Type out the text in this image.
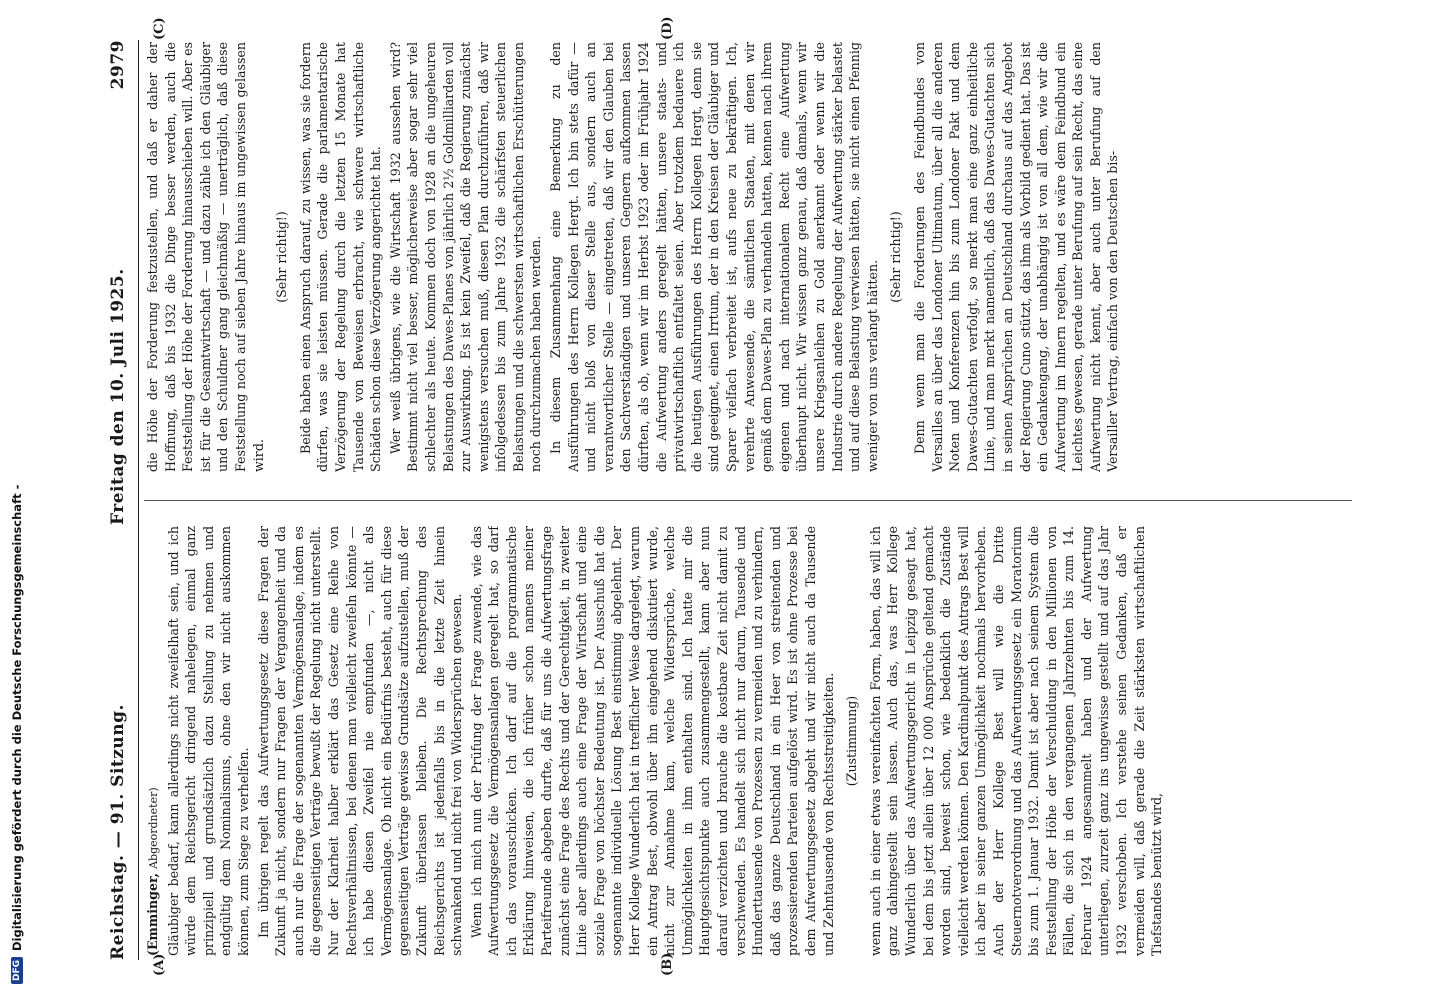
DFG
Digitalisierung gefördert durch die Deutsche Forschungsgemeinschaft -	Reichstag. — 91. Sitzung.
Freitag den 10. Juli 1925.
2979
(A)	(B)
(C)	(D)

(Emminger, Abgeordneter) Gläubiger bedarf, kann allerdings nicht zweifelhaft sein, und ich würde dem Reichsgericht dringend nahelegen, einmal ganz prinzipiell und grundsätzlich dazu Stellung zu nehmen und endgültig dem Nominalismus, ohne den wir nicht auskommen können, zum Siege zu verhelfen. Im übrigen regelt das Aufwertungsgesetz diese Fragen der Zukunft ja nicht, sondern nur Fragen der Vergangenheit und da auch nur die Frage der sogenannten Vermögensanlage, indem es die gegenseitigen Verträge bewußt der Regelung nicht unterstellt. Nur der Klarheit halber erklärt das Gesetz eine Reihe von Rechtsverhältnissen, bei denen man vielleicht zweifeln könnte — ich habe diesen Zweifel nie empfunden —, nicht als Vermögensanlage. Ob nicht ein Bedürfnis besteht, auch für diese gegenseitigen Verträge gewisse Grundsätze aufzustellen, muß der Zukunft überlassen bleiben. Die Rechtsprechung des Reichsgerichts ist jedenfalls bis in die letzte Zeit hinein schwankend und nicht frei von Widersprüchen gewesen. Wenn ich mich nun der Prüfung der Frage zuwende, wie das Aufwertungsgesetz die Vermögensanlagen geregelt hat, so darf ich das vorausschicken. Ich darf auf die programmatische Erklärung hinweisen, die ich früher schon namens meiner Parteifreunde abgeben durfte, daß für uns die Aufwertungsfrage zunächst eine Frage des Rechts und der Gerechtigkeit, in zweiter Linie aber allerdings auch eine Frage der Wirtschaft und eine soziale Frage von höchster Bedeutung ist. Der Ausschuß hat die sogenannte individuelle Lösung Best einstimmig abgelehnt. Der Herr Kollege Wunderlich hat in trefflicher Weise dargelegt, warum ein Antrag Best, obwohl über ihn eingehend diskutiert wurde, nicht zur Annahme kam, welche Widersprüche, welche Unmöglichkeiten in ihm enthalten sind. Ich hatte mir die Hauptgesichtspunkte auch zusammengestellt, kann aber nun darauf verzichten und brauche die kostbare Zeit nicht damit zu verschwenden. Es handelt sich nicht nur darum, Tausende und Hunderttausende von Prozessen zu vermeiden und zu verhindern, daß das ganze Deutschland in ein Heer von streitenden und prozessierenden Parteien aufgelöst wird. Es ist ohne Prozesse bei dem Aufwertungsgesetz abgeht und wir nicht auch da Tausende und Zehntausende von Rechtsstreitigkeiten. (Zustimmung) wenn auch in einer etwas vereinfachten Form, haben, das will ich ganz dahingestellt sein lassen. Auch das, was Herr Kollege Wunderlich über das Aufwertungsgericht in Leipzig gesagt hat, bei dem bis jetzt allein über 12 000 Ansprüche geltend gemacht worden sind, beweist schon, wie bedenklich die Zustände vielleicht werden können. Den Kardinalpunkt des Antrags Best will ich aber in seiner ganzen Unmöglichkeit nochmals hervorheben. Auch der Herr Kollege Best will wie die Dritte Steuernotverordnung und das Aufwertungsgesetz ein Moratorium bis zum 1. Januar 1932. Damit ist aber nach seinem System die Feststellung der Höhe der Verschuldung in den Millionen von Fällen, die sich in den vergangenen Jahrzehnten bis zum 14. Februar 1924 angesammelt haben und der Aufwertung unterliegen, zurzeit ganz ins ungewisse gestellt und auf das Jahr 1932 verschoben. Ich verstehe seinen Gedanken, daß er vermeiden will, daß gerade die Zeit stärksten wirtschaftlichen Tiefstandes benützt wird,

die Höhe der Forderung festzustellen, und daß er daher der Hoffnung, daß bis 1932 die Dinge besser werden, auch die Feststellung der Höhe der Forderung hinausschieben will. Aber es ist für die Gesamtwirtschaft — und dazu zähle ich den Gläubiger und den Schuldner gang gleichmäßig — unerträglich, daß diese Feststellung noch auf sieben Jahre hinaus im ungewissen gelassen wird.

(Sehr richtig!) Beide haben einen Anspruch darauf, zu wissen, was sie fordern dürfen, was sie leisten müssen. Gerade die parlamentarische Verzögerung der Regelung durch die letzten 15 Monate hat Tausende von Beweisen erbracht, wie schwere wirtschaftliche Schäden schon diese Verzögerung angerichtet hat. Wer weiß übrigens, wie die Wirtschaft 1932 aussehen wird? Bestimmt nicht viel besser, möglicherweise aber sogar sehr viel schlechter als heute. Kommen doch von 1928 an die ungeheuren Belastungen des Dawes-Planes von jährlich 2½ Goldmilliarden voll zur Auswirkung. Es ist kein Zweifel, daß die Regierung zunächst wenigstens versuchen muß, diesen Plan durchzuführen, daß wir infolgedessen bis zum Jahre 1932 die schärfsten steuerlichen Belastungen und die schwersten wirtschaftlichen Erschütterungen noch durchzumachen haben werden. In diesem Zusammenhang eine Bemerkung zu den Ausführungen des Herrn Kollegen Hergt. Ich bin stets dafür — und nicht bloß von dieser Stelle aus, sondern auch an verantwortlicher Stelle — eingetreten, daß wir den Glauben bei den Sachverständigen und unseren Gegnern aufkommen lassen dürften, als ob, wenn wir im Herbst 1923 oder im Frühjahr 1924 die Aufwertung anders geregelt hätten, unsere staats- und privatwirtschaftlich entfaltet seien. Aber trotzdem bedauere ich die heutigen Ausführungen des Herrn Kollegen Hergt, denn sie sind geeignet, einen Irrtum, der in den Kreisen der Gläubiger und Sparer vielfach verbreitet ist, aufs neue zu bekräftigen. Ich, verehrte Anwesende, die sämtlichen Staaten, mit denen wir gemäß dem Dawes-Plan zu verhandeln hatten, kennen nach ihrem eigenen und nach internationalem Recht eine Aufwertung überhaupt nicht. Wir wissen ganz genau, daß damals, wenn wir unsere Kriegsanleihen zu Gold anerkannt oder wenn wir die Industrie durch andere Regelung der Aufwertung stärker belastet und auf diese Belastung verwiesen hätten, sie nicht einen Pfennig weniger von uns verlangt hätten.

(Sehr richtig!) Denn wenn man die Forderungen des Feindbundes von Versailles an über das Londoner Ultimatum, über all die anderen Noten und Konferenzen hin bis zum Londoner Pakt und dem Dawes-Gutachten verfolgt, so merkt man eine ganz einheitliche Linie, und man merkt namentlich, daß das Dawes-Gutachten sich in seinen Ansprüchen an Deutschland durchaus auf das Angebot der Regierung Cuno stützt, das ihm als Vorbild gedient hat. Das ist ein Gedankengang, der unabhängig ist von all dem, wie wir die Aufwertung im Innern regelten, und es wäre dem Feindbund ein Leichtes gewesen, gerade unter Berufung auf sein Recht, das eine Aufwertung nicht kennt, aber auch unter Berufung auf den Versailler Vertrag, einfach von den Deutschen bis-
